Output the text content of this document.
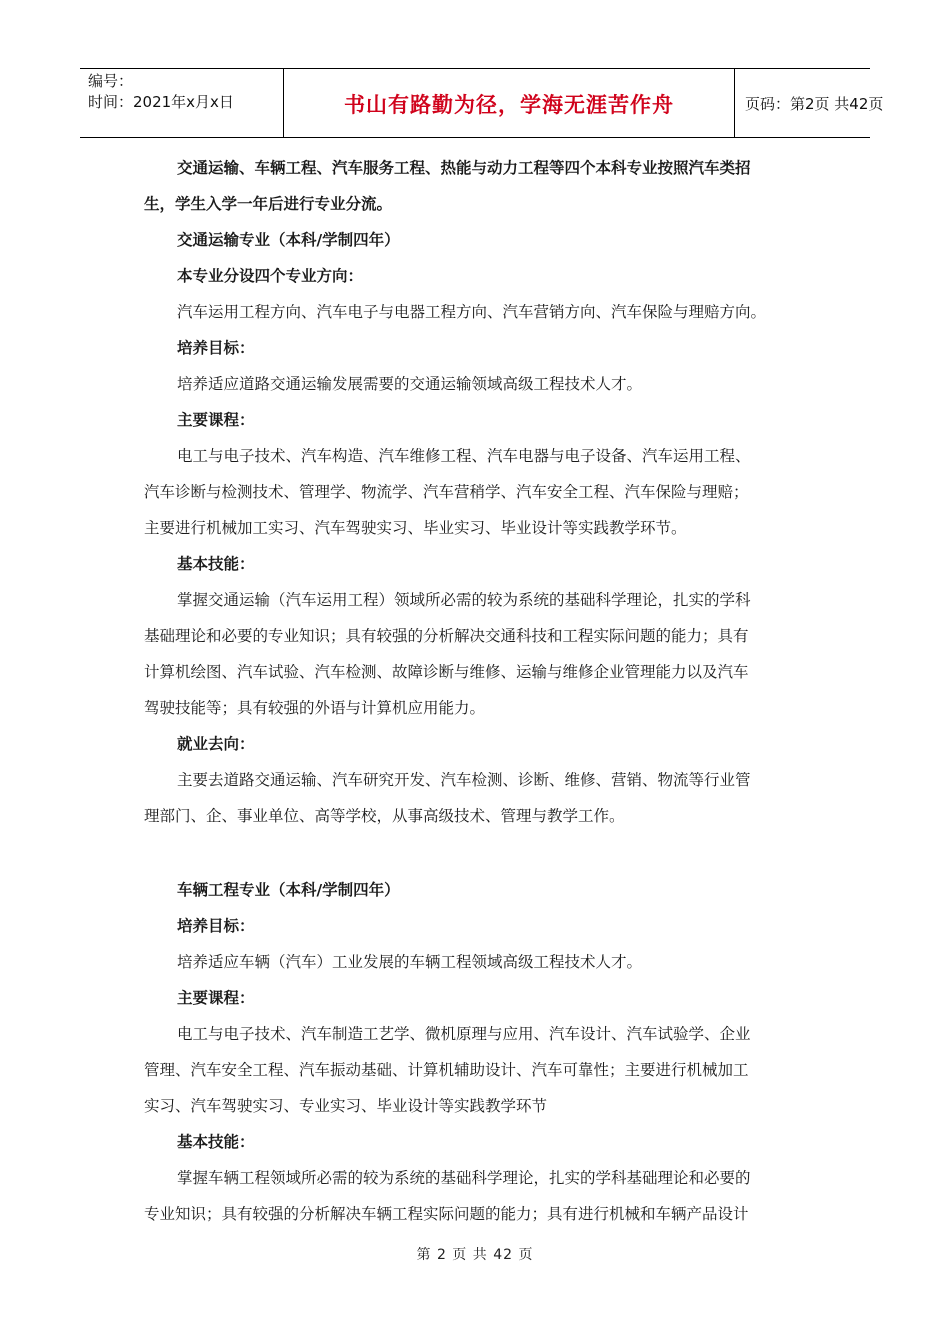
编号：
时间：2021年x月x日	书山有路勤为径，学海无涯苦作舟	页码：第2页 共42页
交通运输、车辆工程、汽车服务工程、热能与动力工程等四个本科专业按照汽车类招
生，学生入学一年后进行专业分流。
交通运输专业（本科/学制四年）
本专业分设四个专业方向：
汽车运用工程方向、汽车电子与电器工程方向、汽车营销方向、汽车保险与理赔方向。
培养目标：
培养适应道路交通运输发展需要的交通运输领域高级工程技术人才。
主要课程：
电工与电子技术、汽车构造、汽车维修工程、汽车电器与电子设备、汽车运用工程、
汽车诊断与检测技术、管理学、物流学、汽车营稍学、汽车安全工程、汽车保险与理赔；
主要进行机械加工实习、汽车驾驶实习、毕业实习、毕业设计等实践教学环节。
基本技能：
掌握交通运输（汽车运用工程）领域所必需的较为系统的基础科学理论，扎实的学科
基础理论和必要的专业知识；具有较强的分析解决交通科技和工程实际问题的能力；具有
计算机绘图、汽车试验、汽车检测、故障诊断与维修、运输与维修企业管理能力以及汽车
驾驶技能等；具有较强的外语与计算机应用能力。
就业去向：
主要去道路交通运输、汽车研究开发、汽车检测、诊断、维修、营销、物流等行业管
理部门、企、事业单位、高等学校，从事高级技术、管理与教学工作。
车辆工程专业（本科/学制四年）
培养目标：
培养适应车辆（汽车）工业发展的车辆工程领域高级工程技术人才。
主要课程：
电工与电子技术、汽车制造工艺学、微机原理与应用、汽车设计、汽车试验学、企业
管理、汽车安全工程、汽车振动基础、计算机辅助设计、汽车可靠性；主要进行机械加工
实习、汽车驾驶实习、专业实习、毕业设计等实践教学环节
基本技能：
掌握车辆工程领域所必需的较为系统的基础科学理论，扎实的学科基础理论和必要的
专业知识；具有较强的分析解决车辆工程实际问题的能力；具有进行机械和车辆产品设计
第 2 页 共 42 页
